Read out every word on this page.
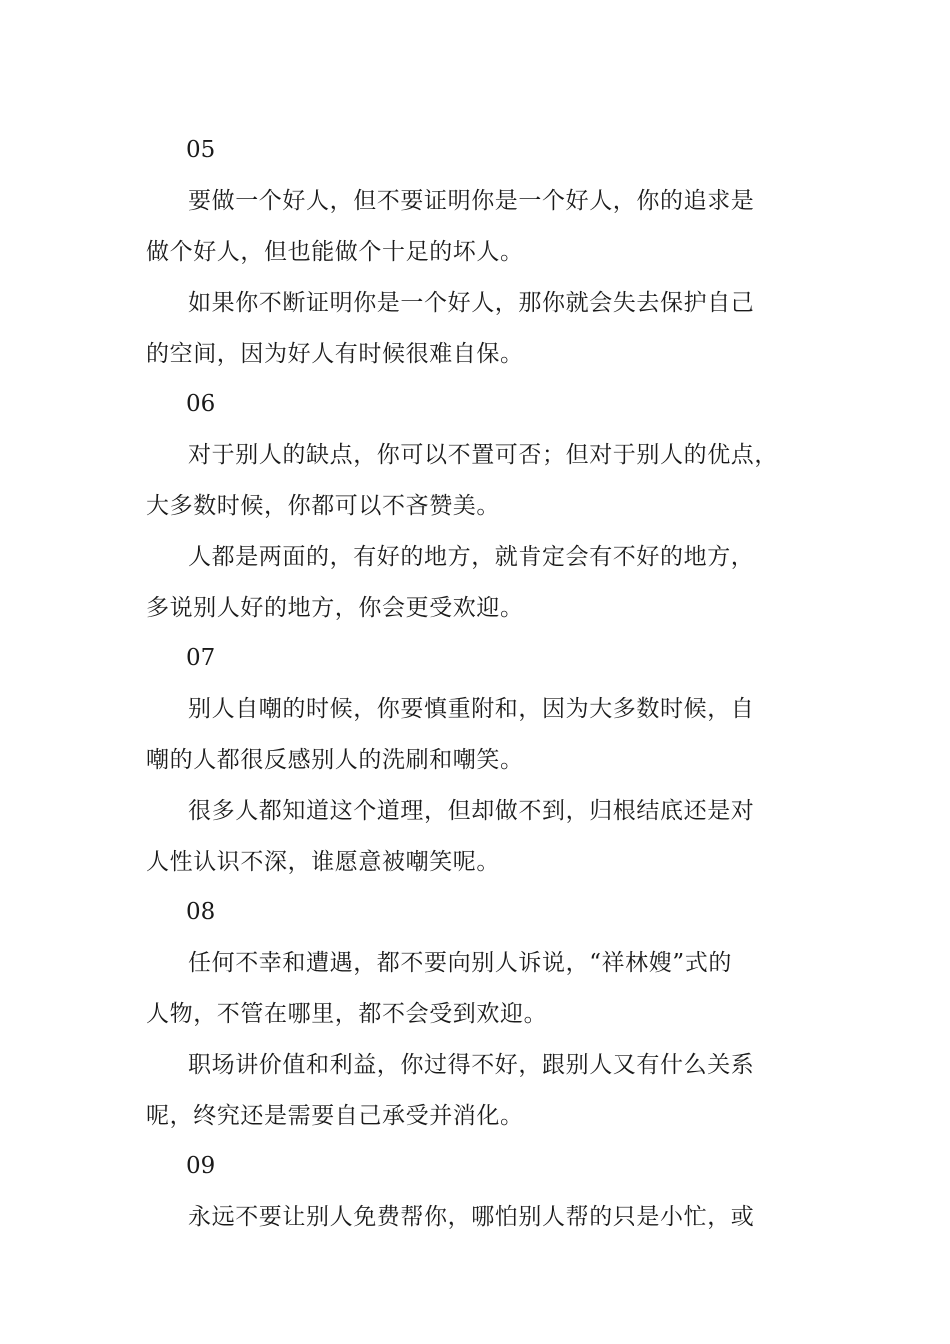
05

要做一个好人，但不要证明你是一个好人，你的追求是
做个好人，但也能做个十足的坏人。

如果你不断证明你是一个好人，那你就会失去保护自己
的空间，因为好人有时候很难自保。

06

对于别人的缺点，你可以不置可否；但对于别人的优点，
大多数时候，你都可以不吝赞美。

人都是两面的，有好的地方，就肯定会有不好的地方，
多说别人好的地方，你会更受欢迎。

07

别人自嘲的时候，你要慎重附和，因为大多数时候，自
嘲的人都很反感别人的洗刷和嘲笑。

很多人都知道这个道理，但却做不到，归根结底还是对
人性认识不深，谁愿意被嘲笑呢。

08

任何不幸和遭遇，都不要向别人诉说，“祥林嫂”式的
人物，不管在哪里，都不会受到欢迎。

职场讲价值和利益，你过得不好，跟别人又有什么关系
呢，终究还是需要自己承受并消化。

09

永远不要让别人免费帮你，哪怕别人帮的只是小忙，或
